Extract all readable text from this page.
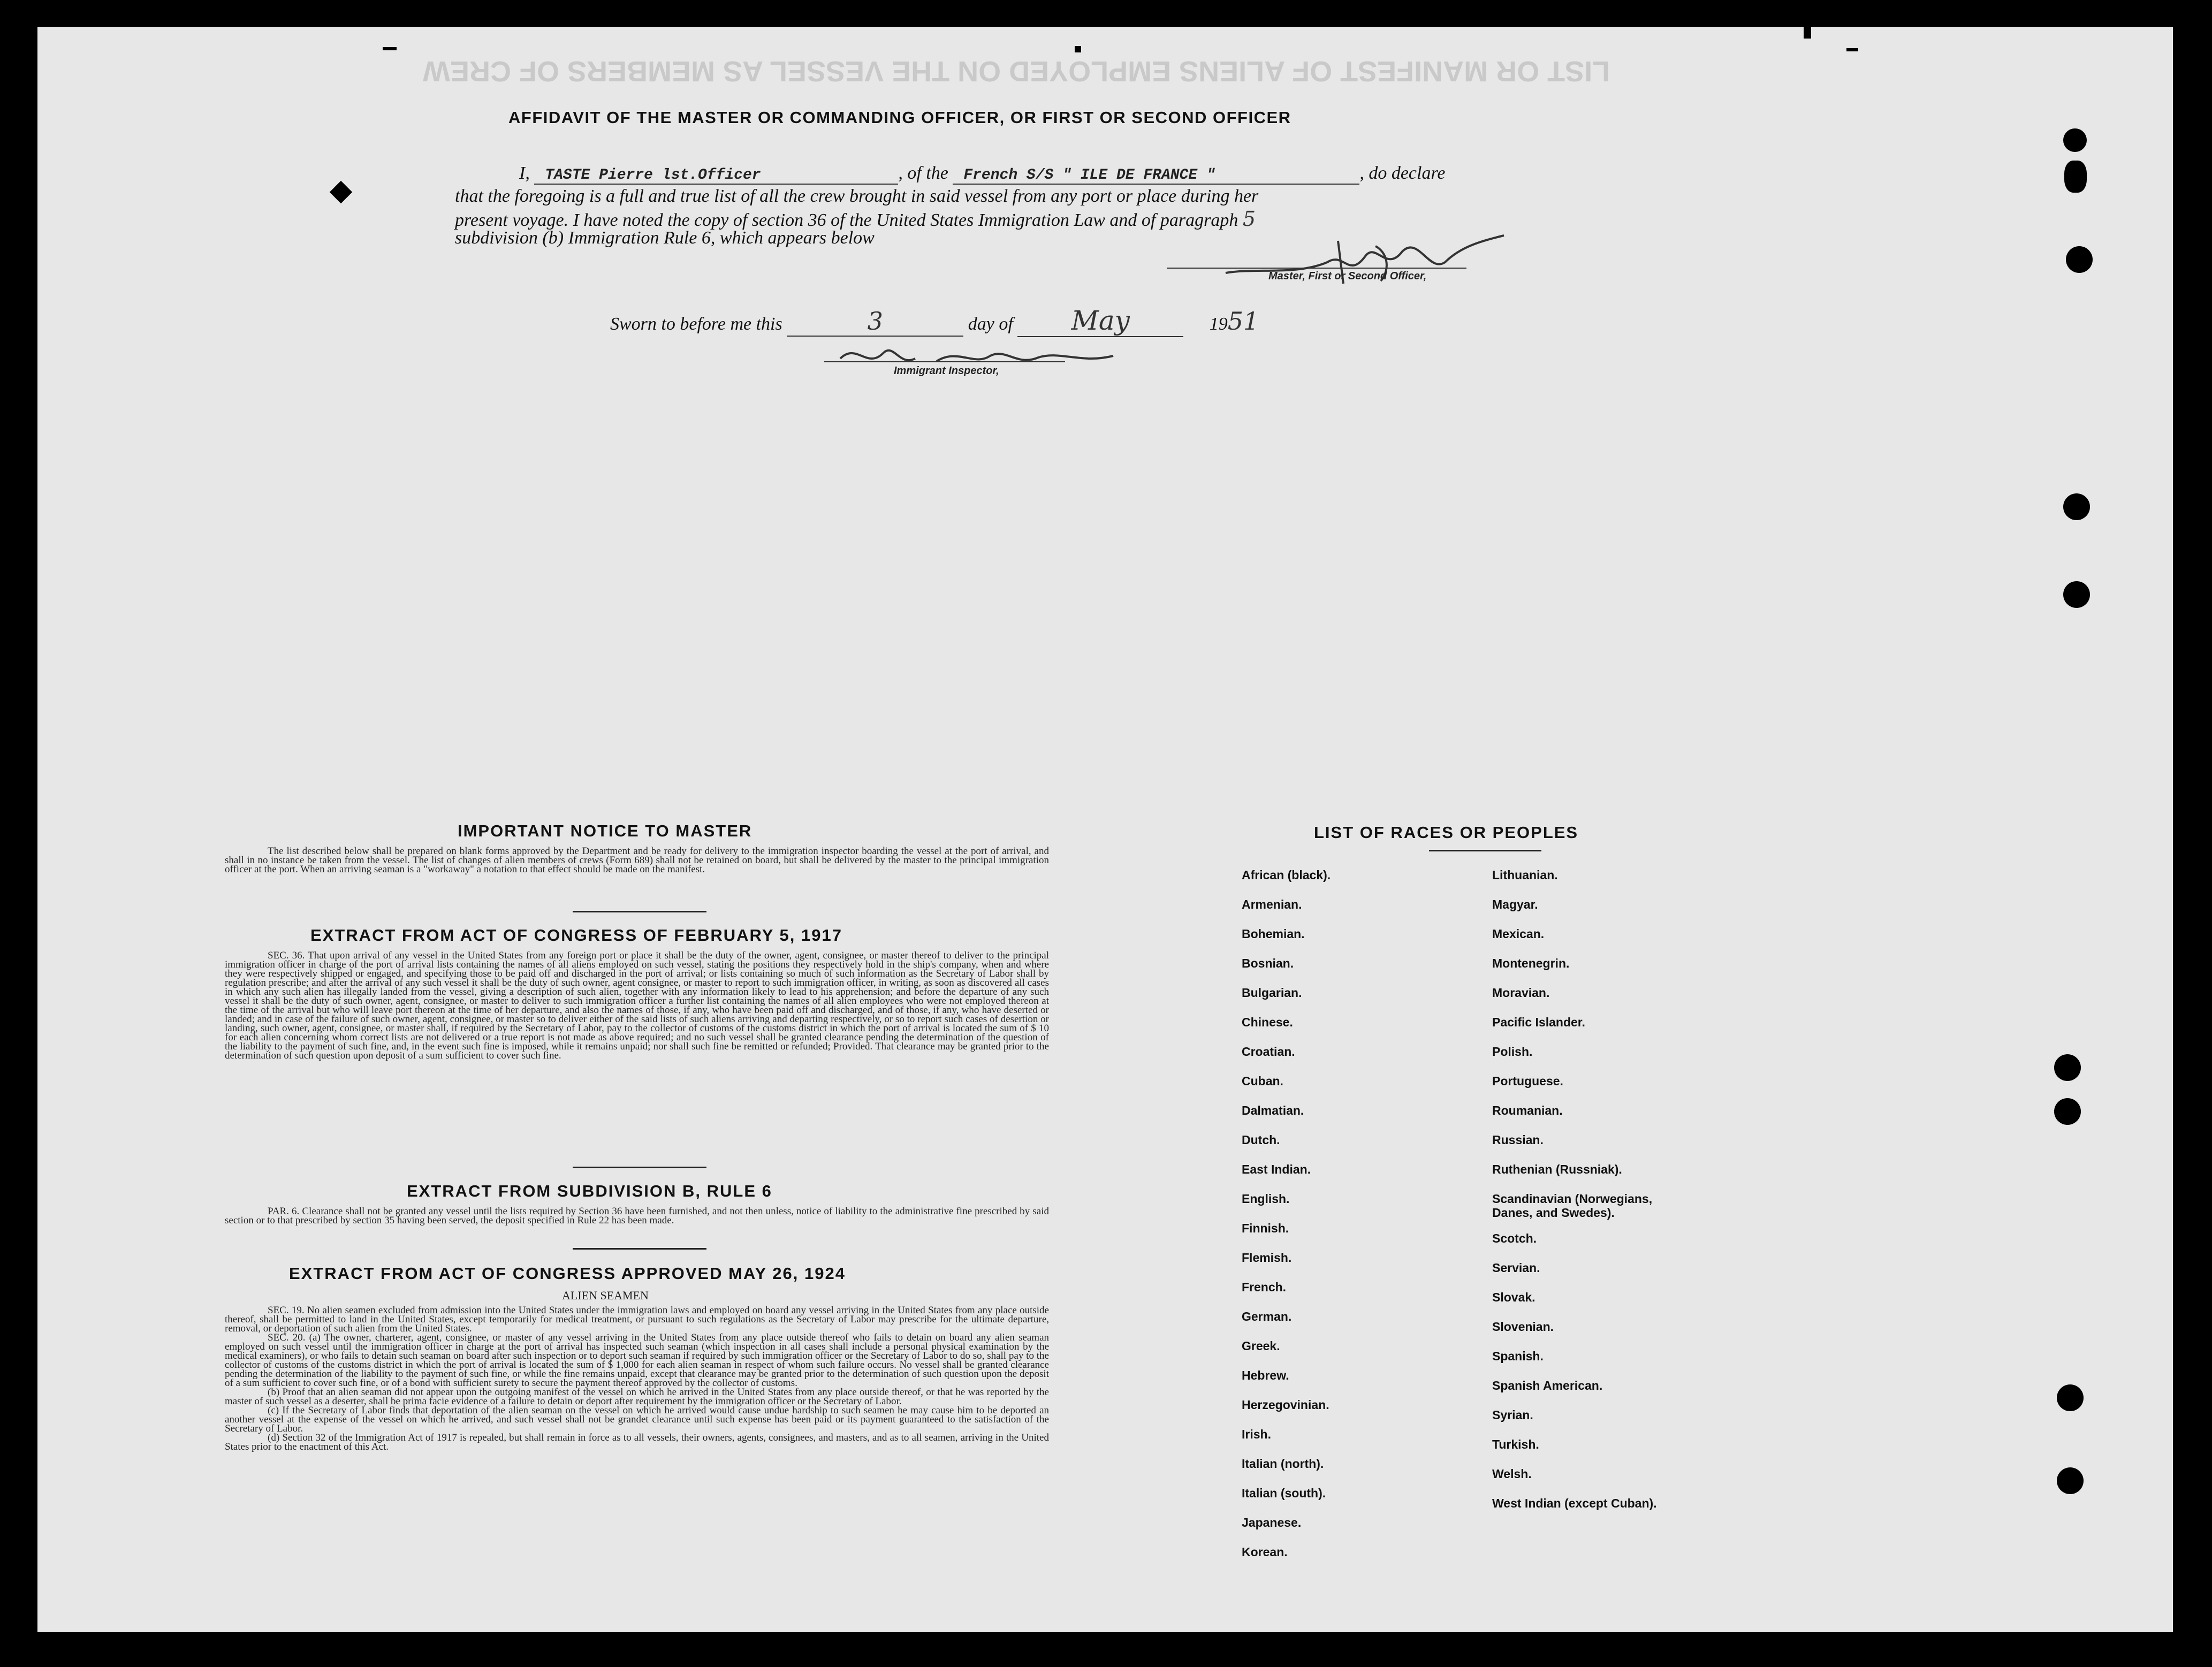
LIST OR MANIFEST OF ALIENS EMPLOYED ON THE VESSEL AS MEMBERS OF CREW
AFFIDAVIT OF THE MASTER OR COMMANDING OFFICER, OR FIRST OR SECOND OFFICER
I, TASTE Pierre lst.Officer	, of the French S/S " ILE DE FRANCE "	, do declare
that the foregoing is a full and true list of all the crew brought in said vessel from any port or place during her
present voyage. I have noted the copy of section 36 of the United States Immigration Law and of paragraph 5
subdivision (b) Immigration Rule 6, which appears below
Master, First or Second Officer,
Sworn to before me this	3	day of May	1951
Immigrant Inspector,
IMPORTANT NOTICE TO MASTER

The list described below shall be prepared on blank forms approved by the Department and be ready for delivery to the immigration inspector boarding the vessel at the port of arrival, and shall in no instance be taken from the vessel. The list of changes of alien members of crews (Form 689) shall not be retained on board, but shall be delivered by the master to the principal immigration officer at the port. When an arriving seaman is a "workaway" a notation to that effect should be made on the manifest.

EXTRACT FROM ACT OF CONGRESS OF FEBRUARY 5, 1917

SEC. 36. That upon arrival of any vessel in the United States from any foreign port or place it shall be the duty of the owner, agent, consignee, or master thereof to deliver to the principal immigration officer in charge of the port of arrival lists containing the names of all aliens employed on such vessel, stating the positions they respectively hold in the ship's company, when and where they were respectively shipped or engaged, and specifying those to be paid off and discharged in the port of arrival; or lists containing so much of such information as the Secretary of Labor shall by regulation prescribe; and after the arrival of any such vessel it shall be the duty of such owner, agent consignee, or master to report to such immigration officer, in writing, as soon as discovered all cases in which any such alien has illegally landed from the vessel, giving a description of such alien, together with any information likely to lead to his apprehension; and before the departure of any such vessel it shall be the duty of such owner, agent, consignee, or master to deliver to such immigration officer a further list containing the names of all alien employees who were not employed thereon at the time of the arrival but who will leave port thereon at the time of her departure, and also the names of those, if any, who have been paid off and discharged, and of those, if any, who have deserted or landed; and in case of the failure of such owner, agent, consignee, or master so to deliver either of the said lists of such aliens arriving and departing respectively, or so to report such cases of desertion or landing, such owner, agent, consignee, or master shall, if required by the Secretary of Labor, pay to the collector of customs of the customs district in which the port of arrival is located the sum of $ 10 for each alien concerning whom correct lists are not delivered or a true report is not made as above required; and no such vessel shall be granted clearance pending the determination of the question of the liability to the payment of such fine, and, in the event such fine is imposed, while it remains unpaid; nor shall such fine be remitted or refunded; Provided. That clearance may be granted prior to the determination of such question upon deposit of a sum sufficient to cover such fine.

EXTRACT FROM SUBDIVISION B, RULE 6

PAR. 6. Clearance shall not be granted any vessel until the lists required by Section 36 have been furnished, and not then unless, notice of liability to the administrative fine prescribed by said section or to that prescribed by section 35 having been served, the deposit specified in Rule 22 has been made.

EXTRACT FROM ACT OF CONGRESS APPROVED MAY 26, 1924
ALIEN SEAMEN

SEC. 19. No alien seamen excluded from admission into the United States under the immigration laws and employed on board any vessel arriving in the United States from any place outside thereof, shall be permitted to land in the United States, except temporarily for medical treatment, or pursuant to such regulations as the Secretary of Labor may prescribe for the ultimate departure, removal, or deportation of such alien from the United States.

SEC. 20. (a) The owner, charterer, agent, consignee, or master of any vessel arriving in the United States from any place outside thereof who fails to detain on board any alien seaman employed on such vessel until the immigration officer in charge at the port of arrival has inspected such seaman (which inspection in all cases shall include a personal physical examination by the medical examiners), or who fails to detain such seaman on board after such inspection or to deport such seaman if required by such immigration officer or the Secretary of Labor to do so, shall pay to the collector of customs of the customs district in which the port of arrival is located the sum of $ 1,000 for each alien seaman in respect of whom such failure occurs. No vessel shall be granted clearance pending the determination of the liability to the payment of such fine, or while the fine remains unpaid, except that clearance may be granted prior to the determination of such question upon the deposit of a sum sufficient to cover such fine, or of a bond with sufficient surety to secure the payment thereof approved by the collector of customs.

(b) Proof that an alien seaman did not appear upon the outgoing manifest of the vessel on which he arrived in the United States from any place outside thereof, or that he was reported by the master of such vessel as a deserter, shall be prima facie evidence of a failure to detain or deport after requirement by the immigration officer or the Secretary of Labor.

(c) If the Secretary of Labor finds that deportation of the alien seaman on the vessel on which he arrived would cause undue hardship to such seamen he may cause him to be deported an another vessel at the expense of the vessel on which he arrived, and such vessel shall not be grandet clearance until such expense has been paid or its payment guaranteed to the satisfaction of the Secretary of Labor.

(d) Section 32 of the Immigration Act of 1917 is repealed, but shall remain in force as to all vessels, their owners, agents, consignees, and masters, and as to all seamen, arriving in the United States prior to the enactment of this Act.

LIST OF RACES OR PEOPLES
African (black).
Armenian.
Bohemian.
Bosnian.
Bulgarian.
Chinese.
Croatian.
Cuban.
Dalmatian.
Dutch.
East Indian.
English.
Finnish.
Flemish.
French.
German.
Greek.
Hebrew.
Herzegovinian.
Irish.
Italian (north).
Italian (south).
Japanese.
Korean.
Lithuanian.
Magyar.
Mexican.
Montenegrin.
Moravian.
Pacific Islander.
Polish.
Portuguese.
Roumanian.
Russian.
Ruthenian (Russniak).
Scandinavian (Norwegians, Danes, and Swedes).
Scotch.
Servian.
Slovak.
Slovenian.
Spanish.
Spanish American.
Syrian.
Turkish.
Welsh.
West Indian (except Cuban).
